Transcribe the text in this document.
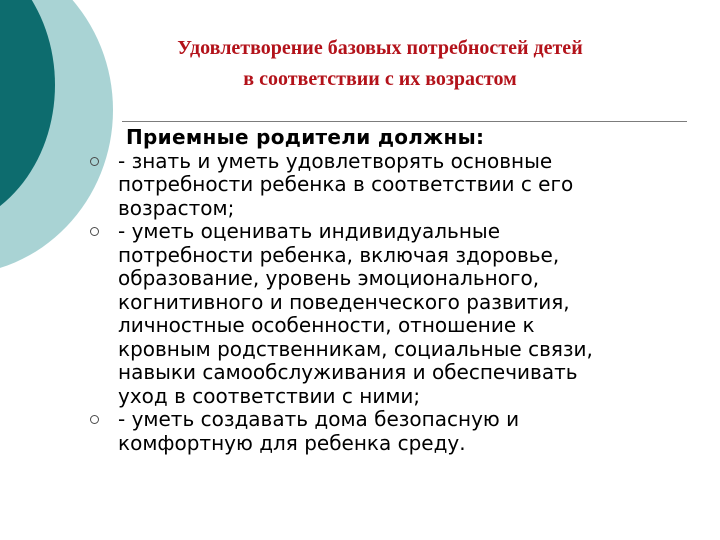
Удовлетворение базовых потребностей детей
в соответствии с их возрастом
Приемные родители должны:
- знать и уметь удовлетворять основные
потребности ребенка в соответствии с его
возрастом;
- уметь оценивать индивидуальные
потребности ребенка, включая здоровье,
образование, уровень эмоционального,
когнитивного и поведенческого развития,
личностные особенности, отношение к
кровным родственникам, социальные связи,
навыки самообслуживания и обеспечивать
уход в соответствии с ними;
- уметь создавать дома безопасную и
комфортную для ребенка среду.
